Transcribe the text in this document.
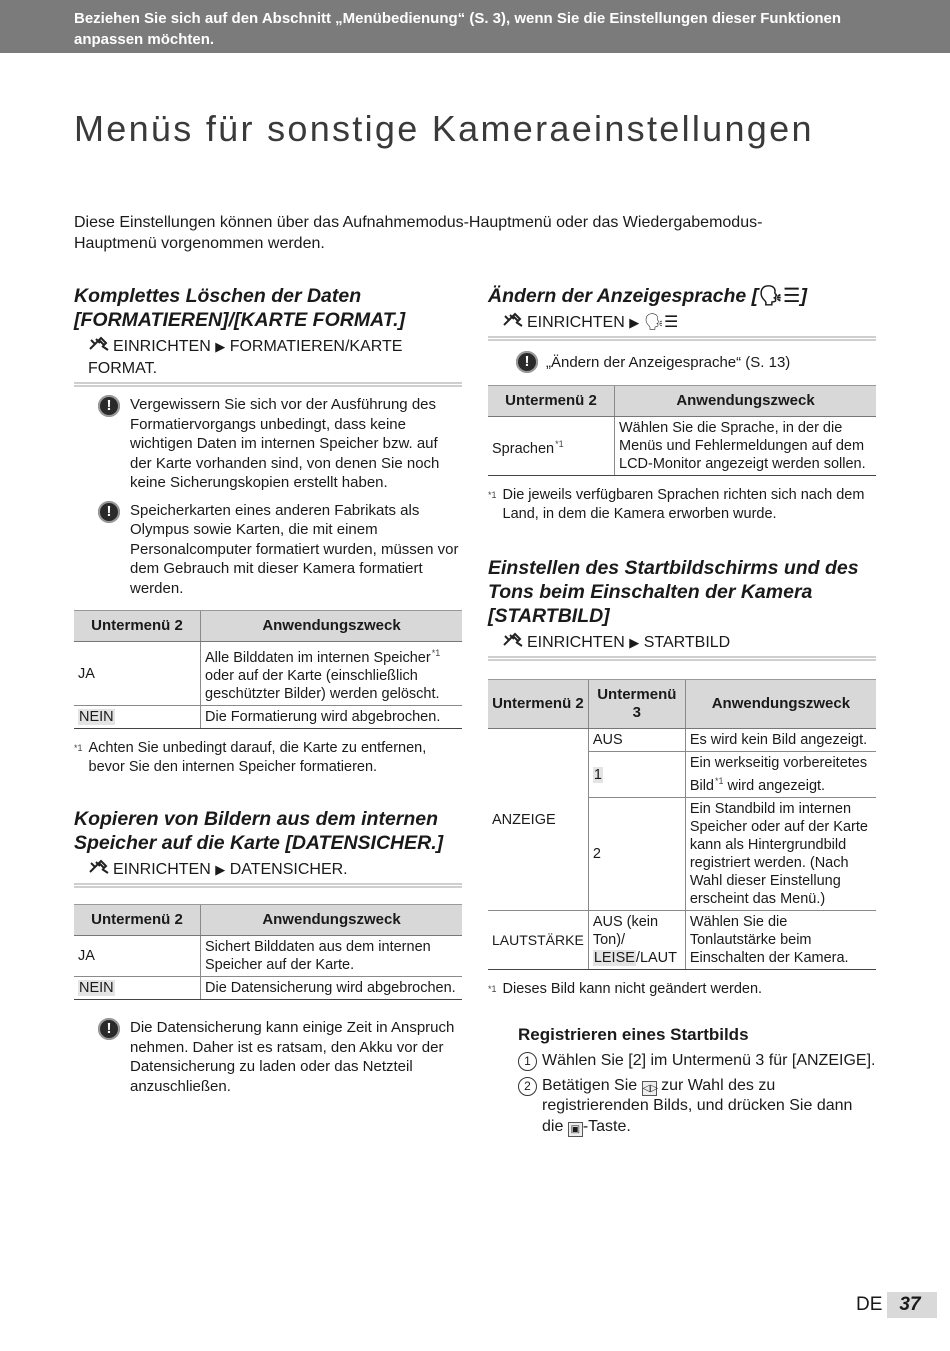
Beziehen Sie sich auf den Abschnitt „Menübedienung“ (S. 3), wenn Sie die Einstellungen dieser Funktionen anpassen möchten.
Menüs für sonstige Kameraeinstellungen

Diese Einstellungen können über das Aufnahmemodus-Hauptmenü oder das Wiedergabemodus-Hauptmenü vorgenommen werden.

Komplettes Löschen der Daten [FORMATIEREN]/[KARTE FORMAT.]
EINRICHTEN ▶ FORMATIEREN/KARTE FORMAT.
!	Vergewissern Sie sich vor der Ausführung des Formatiervorgangs unbedingt, dass keine wichtigen Daten im internen Speicher bzw. auf der Karte vorhanden sind, von denen Sie noch keine Sicherungskopien erstellt haben.
!	Speicherkarten eines anderen Fabrikats als Olympus sowie Karten, die mit einem Personalcomputer formatiert wurden, müssen vor dem Gebrauch mit dieser Kamera formatiert werden.
Untermenü 2	Anwendungszweck
JA	Alle Bilddaten im internen Speicher$^{*1}$ oder auf der Karte (einschließlich geschützter Bilder) werden gelöscht.
NEIN	Die Formatierung wird abgebrochen.
*1 Achten Sie unbedingt darauf, die Karte zu entfernen, bevor Sie den internen Speicher formatieren.
Kopieren von Bildern aus dem internen Speicher auf die Karte [DATENSICHER.]
EINRICHTEN ▶ DATENSICHER.
Untermenü 2	Anwendungszweck
JA	Sichert Bilddaten aus dem internen Speicher auf der Karte.
NEIN	Die Datensicherung wird abgebrochen.
!	Die Datensicherung kann einige Zeit in Anspruch nehmen. Daher ist es ratsam, den Akku vor der Datensicherung zu laden oder das Netzteil anzuschließen.
Ändern der Anzeigesprache [🗣☰]
EINRICHTEN ▶ 🗣☰
!	„Ändern der Anzeigesprache“ (S. 13)
Untermenü 2	Anwendungszweck
Sprachen$^{*1}$	Wählen Sie die Sprache, in der die Menüs und Fehlermeldungen auf dem LCD-Monitor angezeigt werden sollen.
*1 Die jeweils verfügbaren Sprachen richten sich nach dem Land, in dem die Kamera erworben wurde.
Einstellen des Startbildschirms und des Tons beim Einschalten der Kamera [STARTBILD]
EINRICHTEN ▶ STARTBILD
Untermenü 2	Untermenü 3	Anwendungszweck
ANZEIGE	AUS	Es wird kein Bild angezeigt.
	1	Ein werkseitig vorbereitetes Bild$^{*1}$ wird angezeigt.
	2	Ein Standbild im internen Speicher oder auf der Karte kann als Hintergrundbild registriert werden. (Nach Wahl dieser Einstellung erscheint das Menü.)
LAUTSTÄRKE	AUS (kein Ton)/ LEISE/LAUT	Wählen Sie die Tonlautstärke beim Einschalten der Kamera.
*1 Dieses Bild kann nicht geändert werden.
Registrieren eines Startbilds
1 Wählen Sie [2] im Untermenü 3 für [ANZEIGE].
2 Betätigen Sie ◁▷ zur Wahl des zu registrierenden Bilds, und drücken Sie dann die ▣ -Taste.
DE 37
